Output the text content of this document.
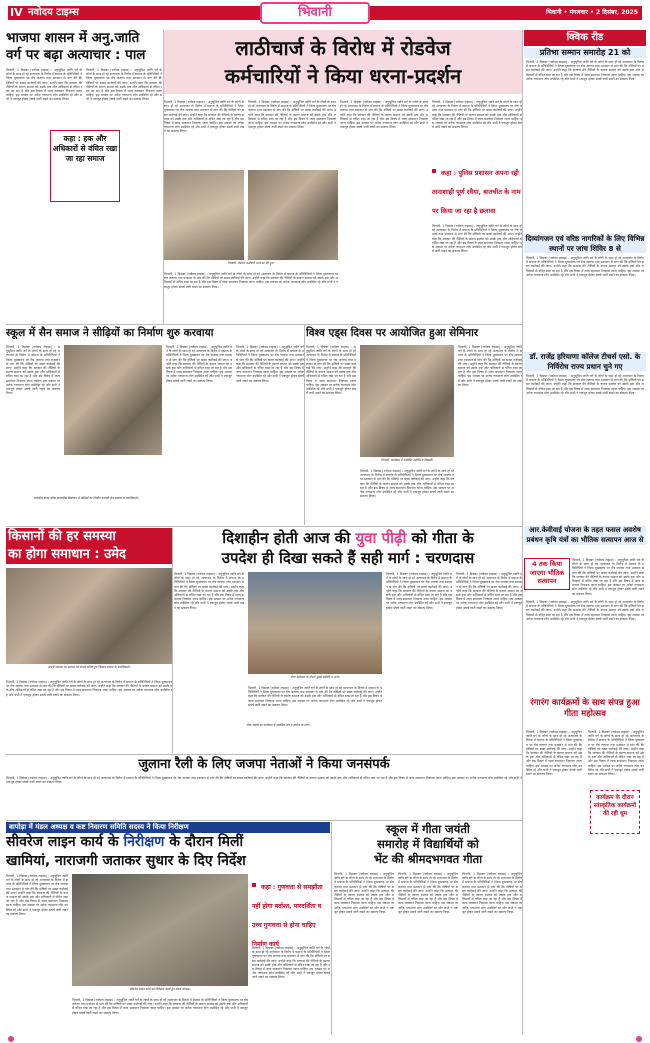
IV नवोदय टाइम्स	भिवानी	भिवानी • मंगलवार • 2 दिसंबर, 2025
भाजपा शासन में अनु.जाति
वर्ग पर बढ़ा अत्याचार : पाल
भिवानी, 1 दिसंबर (नवोदय टाइम्स) : अनुसूचित जाति वर्ग के लोगों के साथ हो रहे अत्याचार के विरोध में समाज के प्रतिनिधियों ने जिला मुख्यालय पर रोष जताया तथा प्रशासन से मांग की कि दोषियों पर सख्त कार्रवाई की जाए। उन्होंने कहा कि सरकार की नीतियों के कारण समाज को उसके हक और अधिकारों से वंचित रखा जा रहा है और इस विषय में जल्द समाधान निकाला जाना चाहिए। इस अवसर पर अनेक गणमान्य लोग उपस्थित रहे और सभी ने एकजुट होकर संघर्ष जारी रखने का संकल्प लिया।
भिवानी, 1 दिसंबर (नवोदय टाइम्स) : अनुसूचित जाति वर्ग के लोगों के साथ हो रहे अत्याचार के विरोध में समाज के प्रतिनिधियों ने जिला मुख्यालय पर रोष जताया तथा प्रशासन से मांग की कि दोषियों पर सख्त कार्रवाई की जाए। उन्होंने कहा कि सरकार की नीतियों के कारण समाज को उसके हक और अधिकारों से वंचित रखा जा रहा है और इस विषय में जल्द समाधान निकाला जाना चाहिए। इस अवसर पर अनेक गणमान्य लोग उपस्थित रहे और सभी ने एकजुट होकर संघर्ष जारी रखने का संकल्प लिया।
कहा : हक और अधिकारों से वंचित रखा जा रहा समाज
लाठीचार्ज के विरोध में रोडवेज
कर्मचारियों ने किया धरना-प्रदर्शन
भिवानी, 1 दिसंबर (नवोदय टाइम्स) : अनुसूचित जाति वर्ग के लोगों के साथ हो रहे अत्याचार के विरोध में समाज के प्रतिनिधियों ने जिला मुख्यालय पर रोष जताया तथा प्रशासन से मांग की कि दोषियों पर सख्त कार्रवाई की जाए। उन्होंने कहा कि सरकार की नीतियों के कारण समाज को उसके हक और अधिकारों से वंचित रखा जा रहा है और इस विषय में जल्द समाधान निकाला जाना चाहिए। इस अवसर पर अनेक गणमान्य लोग उपस्थित रहे और सभी ने एकजुट होकर संघर्ष जारी रखने का संकल्प लिया।
भिवानी, 1 दिसंबर (नवोदय टाइम्स) : अनुसूचित जाति वर्ग के लोगों के साथ हो रहे अत्याचार के विरोध में समाज के प्रतिनिधियों ने जिला मुख्यालय पर रोष जताया तथा प्रशासन से मांग की कि दोषियों पर सख्त कार्रवाई की जाए। उन्होंने कहा कि सरकार की नीतियों के कारण समाज को उसके हक और अधिकारों से वंचित रखा जा रहा है और इस विषय में जल्द समाधान निकाला जाना चाहिए। इस अवसर पर अनेक गणमान्य लोग उपस्थित रहे और सभी ने एकजुट होकर संघर्ष जारी रखने का संकल्प लिया।
भिवानी, 1 दिसंबर (नवोदय टाइम्स) : अनुसूचित जाति वर्ग के लोगों के साथ हो रहे अत्याचार के विरोध में समाज के प्रतिनिधियों ने जिला मुख्यालय पर रोष जताया तथा प्रशासन से मांग की कि दोषियों पर सख्त कार्रवाई की जाए। उन्होंने कहा कि सरकार की नीतियों के कारण समाज को उसके हक और अधिकारों से वंचित रखा जा रहा है और इस विषय में जल्द समाधान निकाला जाना चाहिए। इस अवसर पर अनेक गणमान्य लोग उपस्थित रहे और सभी ने एकजुट होकर संघर्ष जारी रखने का संकल्प लिया।
भिवानी, 1 दिसंबर (नवोदय टाइम्स) : अनुसूचित जाति वर्ग के लोगों के साथ हो रहे अत्याचार के विरोध में समाज के प्रतिनिधियों ने जिला मुख्यालय पर रोष जताया तथा प्रशासन से मांग की कि दोषियों पर सख्त कार्रवाई की जाए। उन्होंने कहा कि सरकार की नीतियों के कारण समाज को उसके हक और अधिकारों से वंचित रखा जा रहा है और इस विषय में जल्द समाधान निकाला जाना चाहिए। इस अवसर पर अनेक गणमान्य लोग उपस्थित रहे और सभी ने एकजुट होकर संघर्ष जारी रखने का संकल्प लिया।
भिवानी: रोडवेज कर्मचारी धरने पर बैठे हुए।
भिवानी, 1 दिसंबर (नवोदय टाइम्स) : अनुसूचित जाति वर्ग के लोगों के साथ हो रहे अत्याचार के विरोध में समाज के प्रतिनिधियों ने जिला मुख्यालय पर रोष जताया तथा प्रशासन से मांग की कि दोषियों पर सख्त कार्रवाई की जाए। उन्होंने कहा कि सरकार की नीतियों के कारण समाज को उसके हक और अधिकारों से वंचित रखा जा रहा है और इस विषय में जल्द समाधान निकाला जाना चाहिए। इस अवसर पर अनेक गणमान्य लोग उपस्थित रहे और सभी ने एकजुट होकर संघर्ष जारी रखने का संकल्प लिया।
कहा : पुलिस प्रशासन अपना रही तानाशाही पूर्ण रवैया, बातचीत के नाम पर किया जा रहा है छलावा
भिवानी, 1 दिसंबर (नवोदय टाइम्स) : अनुसूचित जाति वर्ग के लोगों के साथ हो रहे अत्याचार के विरोध में समाज के प्रतिनिधियों ने जिला मुख्यालय पर रोष जताया तथा प्रशासन से मांग की कि दोषियों पर सख्त कार्रवाई की जाए। उन्होंने कहा कि सरकार की नीतियों के कारण समाज को उसके हक और अधिकारों से वंचित रखा जा रहा है और इस विषय में जल्द समाधान निकाला जाना चाहिए। इस अवसर पर अनेक गणमान्य लोग उपस्थित रहे और सभी ने एकजुट होकर संघर्ष जारी रखने का संकल्प लिया।
क्विक रीड
प्रतिभा सम्मान समारोह 21 को
भिवानी, 1 दिसंबर (नवोदय टाइम्स) : अनुसूचित जाति वर्ग के लोगों के साथ हो रहे अत्याचार के विरोध में समाज के प्रतिनिधियों ने जिला मुख्यालय पर रोष जताया तथा प्रशासन से मांग की कि दोषियों पर सख्त कार्रवाई की जाए। उन्होंने कहा कि सरकार की नीतियों के कारण समाज को उसके हक और अधिकारों से वंचित रखा जा रहा है और इस विषय में जल्द समाधान निकाला जाना चाहिए। इस अवसर पर अनेक गणमान्य लोग उपस्थित रहे और सभी ने एकजुट होकर संघर्ष जारी रखने का संकल्प लिया।
दिव्यांगजन एवं वरिष्ठ नागरिकों के लिए विभिन्न स्थानों पर जांच शिविर 8 से
भिवानी, 1 दिसंबर (नवोदय टाइम्स) : अनुसूचित जाति वर्ग के लोगों के साथ हो रहे अत्याचार के विरोध में समाज के प्रतिनिधियों ने जिला मुख्यालय पर रोष जताया तथा प्रशासन से मांग की कि दोषियों पर सख्त कार्रवाई की जाए। उन्होंने कहा कि सरकार की नीतियों के कारण समाज को उसके हक और अधिकारों से वंचित रखा जा रहा है और इस विषय में जल्द समाधान निकाला जाना चाहिए। इस अवसर पर अनेक गणमान्य लोग उपस्थित रहे और सभी ने एकजुट होकर संघर्ष जारी रखने का संकल्प लिया।
डॉ. राजेंद्र हरियाणा कॉलेज टीचर्स एसो. के निर्विरोध राज्य प्रधान चुने गए
भिवानी, 1 दिसंबर (नवोदय टाइम्स) : अनुसूचित जाति वर्ग के लोगों के साथ हो रहे अत्याचार के विरोध में समाज के प्रतिनिधियों ने जिला मुख्यालय पर रोष जताया तथा प्रशासन से मांग की कि दोषियों पर सख्त कार्रवाई की जाए। उन्होंने कहा कि सरकार की नीतियों के कारण समाज को उसके हक और अधिकारों से वंचित रखा जा रहा है और इस विषय में जल्द समाधान निकाला जाना चाहिए। इस अवसर पर अनेक गणमान्य लोग उपस्थित रहे और सभी ने एकजुट होकर संघर्ष जारी रखने का संकल्प लिया।
आर.केवीवाई योजना के तहत फसल अवशेष प्रबंधन कृषि यंत्रों का भौतिक सत्यापन आज से
4 तक किया जाएगा भौतिक सत्यापन
भिवानी, 1 दिसंबर (नवोदय टाइम्स) : अनुसूचित जाति वर्ग के लोगों के साथ हो रहे अत्याचार के विरोध में समाज के प्रतिनिधियों ने जिला मुख्यालय पर रोष जताया तथा प्रशासन से मांग की कि दोषियों पर सख्त कार्रवाई की जाए। उन्होंने कहा कि सरकार की नीतियों के कारण समाज को उसके हक और अधिकारों से वंचित रखा जा रहा है और इस विषय में जल्द समाधान निकाला जाना चाहिए। इस अवसर पर अनेक गणमान्य लोग उपस्थित रहे और सभी ने एकजुट होकर संघर्ष जारी रखने का संकल्प लिया।
भिवानी, 1 दिसंबर (नवोदय टाइम्स) : अनुसूचित जाति वर्ग के लोगों के साथ हो रहे अत्याचार के विरोध में समाज के प्रतिनिधियों ने जिला मुख्यालय पर रोष जताया तथा प्रशासन से मांग की कि दोषियों पर सख्त कार्रवाई की जाए। उन्होंने कहा कि सरकार की नीतियों के कारण समाज को उसके हक और अधिकारों से वंचित रखा जा रहा है और इस विषय में जल्द समाधान निकाला जाना चाहिए। इस अवसर पर अनेक गणमान्य लोग उपस्थित रहे और सभी ने एकजुट होकर संघर्ष जारी रखने का संकल्प लिया।
रंगारंग कार्यक्रमों के साथ संपन्न हुआ गीता महोत्सव
भिवानी, 1 दिसंबर (नवोदय टाइम्स) : अनुसूचित जाति वर्ग के लोगों के साथ हो रहे अत्याचार के विरोध में समाज के प्रतिनिधियों ने जिला मुख्यालय पर रोष जताया तथा प्रशासन से मांग की कि दोषियों पर सख्त कार्रवाई की जाए। उन्होंने कहा कि सरकार की नीतियों के कारण समाज को उसके हक और अधिकारों से वंचित रखा जा रहा है और इस विषय में जल्द समाधान निकाला जाना चाहिए। इस अवसर पर अनेक गणमान्य लोग उपस्थित रहे और सभी ने एकजुट होकर संघर्ष जारी रखने का संकल्प लिया।
भिवानी, 1 दिसंबर (नवोदय टाइम्स) : अनुसूचित जाति वर्ग के लोगों के साथ हो रहे अत्याचार के विरोध में समाज के प्रतिनिधियों ने जिला मुख्यालय पर रोष जताया तथा प्रशासन से मांग की कि दोषियों पर सख्त कार्रवाई की जाए। उन्होंने कहा कि सरकार की नीतियों के कारण समाज को उसके हक और अधिकारों से वंचित रखा जा रहा है और इस विषय में जल्द समाधान निकाला जाना चाहिए। इस अवसर पर अनेक गणमान्य लोग उपस्थित रहे और सभी ने एकजुट होकर संघर्ष जारी रखने का संकल्प लिया।
कार्यक्रम के दौरान सांस्कृतिक कार्यक्रमों की रही धूम
स्कूल में सैन समाज ने सीढ़ियों का निर्माण शुरु करवाया
भिवानी, 1 दिसंबर (नवोदय टाइम्स) : अनुसूचित जाति वर्ग के लोगों के साथ हो रहे अत्याचार के विरोध में समाज के प्रतिनिधियों ने जिला मुख्यालय पर रोष जताया तथा प्रशासन से मांग की कि दोषियों पर सख्त कार्रवाई की जाए। उन्होंने कहा कि सरकार की नीतियों के कारण समाज को उसके हक और अधिकारों से वंचित रखा जा रहा है और इस विषय में जल्द समाधान निकाला जाना चाहिए। इस अवसर पर अनेक गणमान्य लोग उपस्थित रहे और सभी ने एकजुट होकर संघर्ष जारी रखने का संकल्प लिया।
राजकीय कन्या वरिष्ठ माध्यमिक विद्यालय में सीढ़ियों का निर्माण करवाते सैन समाज के पदाधिकारी।
भिवानी, 1 दिसंबर (नवोदय टाइम्स) : अनुसूचित जाति वर्ग के लोगों के साथ हो रहे अत्याचार के विरोध में समाज के प्रतिनिधियों ने जिला मुख्यालय पर रोष जताया तथा प्रशासन से मांग की कि दोषियों पर सख्त कार्रवाई की जाए। उन्होंने कहा कि सरकार की नीतियों के कारण समाज को उसके हक और अधिकारों से वंचित रखा जा रहा है और इस विषय में जल्द समाधान निकाला जाना चाहिए। इस अवसर पर अनेक गणमान्य लोग उपस्थित रहे और सभी ने एकजुट होकर संघर्ष जारी रखने का संकल्प लिया।
भिवानी, 1 दिसंबर (नवोदय टाइम्स) : अनुसूचित जाति वर्ग के लोगों के साथ हो रहे अत्याचार के विरोध में समाज के प्रतिनिधियों ने जिला मुख्यालय पर रोष जताया तथा प्रशासन से मांग की कि दोषियों पर सख्त कार्रवाई की जाए। उन्होंने कहा कि सरकार की नीतियों के कारण समाज को उसके हक और अधिकारों से वंचित रखा जा रहा है और इस विषय में जल्द समाधान निकाला जाना चाहिए। इस अवसर पर अनेक गणमान्य लोग उपस्थित रहे और सभी ने एकजुट होकर संघर्ष जारी रखने का संकल्प लिया।
विश्व एड्स दिवस पर आयोजित हुआ सेमिनार
भिवानी, 1 दिसंबर (नवोदय टाइम्स) : अनुसूचित जाति वर्ग के लोगों के साथ हो रहे अत्याचार के विरोध में समाज के प्रतिनिधियों ने जिला मुख्यालय पर रोष जताया तथा प्रशासन से मांग की कि दोषियों पर सख्त कार्रवाई की जाए। उन्होंने कहा कि सरकार की नीतियों के कारण समाज को उसके हक और अधिकारों से वंचित रखा जा रहा है और इस विषय में जल्द समाधान निकाला जाना चाहिए। इस अवसर पर अनेक गणमान्य लोग उपस्थित रहे और सभी ने एकजुट होकर संघर्ष जारी रखने का संकल्प लिया।
भिवानी: कार्यक्रम में उपस्थित अतिथि व विद्यार्थी।
भिवानी, 1 दिसंबर (नवोदय टाइम्स) : अनुसूचित जाति वर्ग के लोगों के साथ हो रहे अत्याचार के विरोध में समाज के प्रतिनिधियों ने जिला मुख्यालय पर रोष जताया तथा प्रशासन से मांग की कि दोषियों पर सख्त कार्रवाई की जाए। उन्होंने कहा कि सरकार की नीतियों के कारण समाज को उसके हक और अधिकारों से वंचित रखा जा रहा है और इस विषय में जल्द समाधान निकाला जाना चाहिए। इस अवसर पर अनेक गणमान्य लोग उपस्थित रहे और सभी ने एकजुट होकर संघर्ष जारी रखने का संकल्प लिया।
भिवानी, 1 दिसंबर (नवोदय टाइम्स) : अनुसूचित जाति वर्ग के लोगों के साथ हो रहे अत्याचार के विरोध में समाज के प्रतिनिधियों ने जिला मुख्यालय पर रोष जताया तथा प्रशासन से मांग की कि दोषियों पर सख्त कार्रवाई की जाए। उन्होंने कहा कि सरकार की नीतियों के कारण समाज को उसके हक और अधिकारों से वंचित रखा जा रहा है और इस विषय में जल्द समाधान निकाला जाना चाहिए। इस अवसर पर अनेक गणमान्य लोग उपस्थित रहे और सभी ने एकजुट होकर संघर्ष जारी रखने का संकल्प लिया।
किसानों की हर समस्या
का होगा समाधान : उमेद
अपनी समस्या पर अध्यक्ष को ज्ञापन सौंपते हुए किसान एकता के पदाधिकारी।
भिवानी, 1 दिसंबर (नवोदय टाइम्स) : अनुसूचित जाति वर्ग के लोगों के साथ हो रहे अत्याचार के विरोध में समाज के प्रतिनिधियों ने जिला मुख्यालय पर रोष जताया तथा प्रशासन से मांग की कि दोषियों पर सख्त कार्रवाई की जाए। उन्होंने कहा कि सरकार की नीतियों के कारण समाज को उसके हक और अधिकारों से वंचित रखा जा रहा है और इस विषय में जल्द समाधान निकाला जाना चाहिए। इस अवसर पर अनेक गणमान्य लोग उपस्थित रहे और सभी ने एकजुट होकर संघर्ष जारी रखने का संकल्प लिया।
दिशाहीन होती आज की युवा पीढ़ी को गीता के
उपदेश ही दिखा सकते हैं सही मार्ग : चरणदास
भिवानी, 1 दिसंबर (नवोदय टाइम्स) : अनुसूचित जाति वर्ग के लोगों के साथ हो रहे अत्याचार के विरोध में समाज के प्रतिनिधियों ने जिला मुख्यालय पर रोष जताया तथा प्रशासन से मांग की कि दोषियों पर सख्त कार्रवाई की जाए। उन्होंने कहा कि सरकार की नीतियों के कारण समाज को उसके हक और अधिकारों से वंचित रखा जा रहा है और इस विषय में जल्द समाधान निकाला जाना चाहिए। इस अवसर पर अनेक गणमान्य लोग उपस्थित रहे और सभी ने एकजुट होकर संघर्ष जारी रखने का संकल्प लिया।
गीता महोत्सव के दौरान मुख्य अतिथि व अन्य।
भिवानी, 1 दिसंबर (नवोदय टाइम्स) : अनुसूचित जाति वर्ग के लोगों के साथ हो रहे अत्याचार के विरोध में समाज के प्रतिनिधियों ने जिला मुख्यालय पर रोष जताया तथा प्रशासन से मांग की कि दोषियों पर सख्त कार्रवाई की जाए। उन्होंने कहा कि सरकार की नीतियों के कारण समाज को उसके हक और अधिकारों से वंचित रखा जा रहा है और इस विषय में जल्द समाधान निकाला जाना चाहिए। इस अवसर पर अनेक गणमान्य लोग उपस्थित रहे और सभी ने एकजुट होकर संघर्ष जारी रखने का संकल्प लिया।
गीता जयंती पर कार्यक्रम में उपस्थित संत व समाज के लोग।
भिवानी, 1 दिसंबर (नवोदय टाइम्स) : अनुसूचित जाति वर्ग के लोगों के साथ हो रहे अत्याचार के विरोध में समाज के प्रतिनिधियों ने जिला मुख्यालय पर रोष जताया तथा प्रशासन से मांग की कि दोषियों पर सख्त कार्रवाई की जाए। उन्होंने कहा कि सरकार की नीतियों के कारण समाज को उसके हक और अधिकारों से वंचित रखा जा रहा है और इस विषय में जल्द समाधान निकाला जाना चाहिए। इस अवसर पर अनेक गणमान्य लोग उपस्थित रहे और सभी ने एकजुट होकर संघर्ष जारी रखने का संकल्प लिया।
भिवानी, 1 दिसंबर (नवोदय टाइम्स) : अनुसूचित जाति वर्ग के लोगों के साथ हो रहे अत्याचार के विरोध में समाज के प्रतिनिधियों ने जिला मुख्यालय पर रोष जताया तथा प्रशासन से मांग की कि दोषियों पर सख्त कार्रवाई की जाए। उन्होंने कहा कि सरकार की नीतियों के कारण समाज को उसके हक और अधिकारों से वंचित रखा जा रहा है और इस विषय में जल्द समाधान निकाला जाना चाहिए। इस अवसर पर अनेक गणमान्य लोग उपस्थित रहे और सभी ने एकजुट होकर संघर्ष जारी रखने का संकल्प लिया।
जुलाना रैली के लिए जजपा नेताओं ने किया जनसंपर्क
भिवानी, 1 दिसंबर (नवोदय टाइम्स) : अनुसूचित जाति वर्ग के लोगों के साथ हो रहे अत्याचार के विरोध में समाज के प्रतिनिधियों ने जिला मुख्यालय पर रोष जताया तथा प्रशासन से मांग की कि दोषियों पर सख्त कार्रवाई की जाए। उन्होंने कहा कि सरकार की नीतियों के कारण समाज को उसके हक और अधिकारों से वंचित रखा जा रहा है और इस विषय में जल्द समाधान निकाला जाना चाहिए। इस अवसर पर अनेक गणमान्य लोग उपस्थित रहे और सभी ने एकजुट होकर संघर्ष जारी रखने का संकल्प लिया।
बापोड़ा में मंडल अध्यक्ष व कष्ट निवारण समिति सदस्य ने किया निरीक्षण
सीवरेज लाइन कार्य के निरीक्षण के दौरान मिलीं
खामियां, नाराजगी जताकर सुधार के दिए निर्देश
भिवानी, 1 दिसंबर (नवोदय टाइम्स) : अनुसूचित जाति वर्ग के लोगों के साथ हो रहे अत्याचार के विरोध में समाज के प्रतिनिधियों ने जिला मुख्यालय पर रोष जताया तथा प्रशासन से मांग की कि दोषियों पर सख्त कार्रवाई की जाए। उन्होंने कहा कि सरकार की नीतियों के कारण समाज को उसके हक और अधिकारों से वंचित रखा जा रहा है और इस विषय में जल्द समाधान निकाला जाना चाहिए। इस अवसर पर अनेक गणमान्य लोग उपस्थित रहे और सभी ने एकजुट होकर संघर्ष जारी रखने का संकल्प लिया।
सीवरेज लाइन कार्य का निरीक्षण करते हुए मंडल अध्यक्ष।
भिवानी, 1 दिसंबर (नवोदय टाइम्स) : अनुसूचित जाति वर्ग के लोगों के साथ हो रहे अत्याचार के विरोध में समाज के प्रतिनिधियों ने जिला मुख्यालय पर रोष जताया तथा प्रशासन से मांग की कि दोषियों पर सख्त कार्रवाई की जाए। उन्होंने कहा कि सरकार की नीतियों के कारण समाज को उसके हक और अधिकारों से वंचित रखा जा रहा है और इस विषय में जल्द समाधान निकाला जाना चाहिए। इस अवसर पर अनेक गणमान्य लोग उपस्थित रहे और सभी ने एकजुट होकर संघर्ष जारी रखने का संकल्प लिया।
कहा : गुणवत्ता से समझौता नहीं होगा बर्दाश्त, पारदर्शिता व उच्च गुणवत्ता से होना चाहिए निर्माण कार्य
भिवानी, 1 दिसंबर (नवोदय टाइम्स) : अनुसूचित जाति वर्ग के लोगों के साथ हो रहे अत्याचार के विरोध में समाज के प्रतिनिधियों ने जिला मुख्यालय पर रोष जताया तथा प्रशासन से मांग की कि दोषियों पर सख्त कार्रवाई की जाए। उन्होंने कहा कि सरकार की नीतियों के कारण समाज को उसके हक और अधिकारों से वंचित रखा जा रहा है और इस विषय में जल्द समाधान निकाला जाना चाहिए। इस अवसर पर अनेक गणमान्य लोग उपस्थित रहे और सभी ने एकजुट होकर संघर्ष जारी रखने का संकल्प लिया।
स्कूल में गीता जयंती
समारोह में विद्यार्थियों को
भेंट की श्रीमदभगवत गीता
भिवानी, 1 दिसंबर (नवोदय टाइम्स) : अनुसूचित जाति वर्ग के लोगों के साथ हो रहे अत्याचार के विरोध में समाज के प्रतिनिधियों ने जिला मुख्यालय पर रोष जताया तथा प्रशासन से मांग की कि दोषियों पर सख्त कार्रवाई की जाए। उन्होंने कहा कि सरकार की नीतियों के कारण समाज को उसके हक और अधिकारों से वंचित रखा जा रहा है और इस विषय में जल्द समाधान निकाला जाना चाहिए। इस अवसर पर अनेक गणमान्य लोग उपस्थित रहे और सभी ने एकजुट होकर संघर्ष जारी रखने का संकल्प लिया।
भिवानी, 1 दिसंबर (नवोदय टाइम्स) : अनुसूचित जाति वर्ग के लोगों के साथ हो रहे अत्याचार के विरोध में समाज के प्रतिनिधियों ने जिला मुख्यालय पर रोष जताया तथा प्रशासन से मांग की कि दोषियों पर सख्त कार्रवाई की जाए। उन्होंने कहा कि सरकार की नीतियों के कारण समाज को उसके हक और अधिकारों से वंचित रखा जा रहा है और इस विषय में जल्द समाधान निकाला जाना चाहिए। इस अवसर पर अनेक गणमान्य लोग उपस्थित रहे और सभी ने एकजुट होकर संघर्ष जारी रखने का संकल्प लिया।
भिवानी, 1 दिसंबर (नवोदय टाइम्स) : अनुसूचित जाति वर्ग के लोगों के साथ हो रहे अत्याचार के विरोध में समाज के प्रतिनिधियों ने जिला मुख्यालय पर रोष जताया तथा प्रशासन से मांग की कि दोषियों पर सख्त कार्रवाई की जाए। उन्होंने कहा कि सरकार की नीतियों के कारण समाज को उसके हक और अधिकारों से वंचित रखा जा रहा है और इस विषय में जल्द समाधान निकाला जाना चाहिए। इस अवसर पर अनेक गणमान्य लोग उपस्थित रहे और सभी ने एकजुट होकर संघर्ष जारी रखने का संकल्प लिया।
